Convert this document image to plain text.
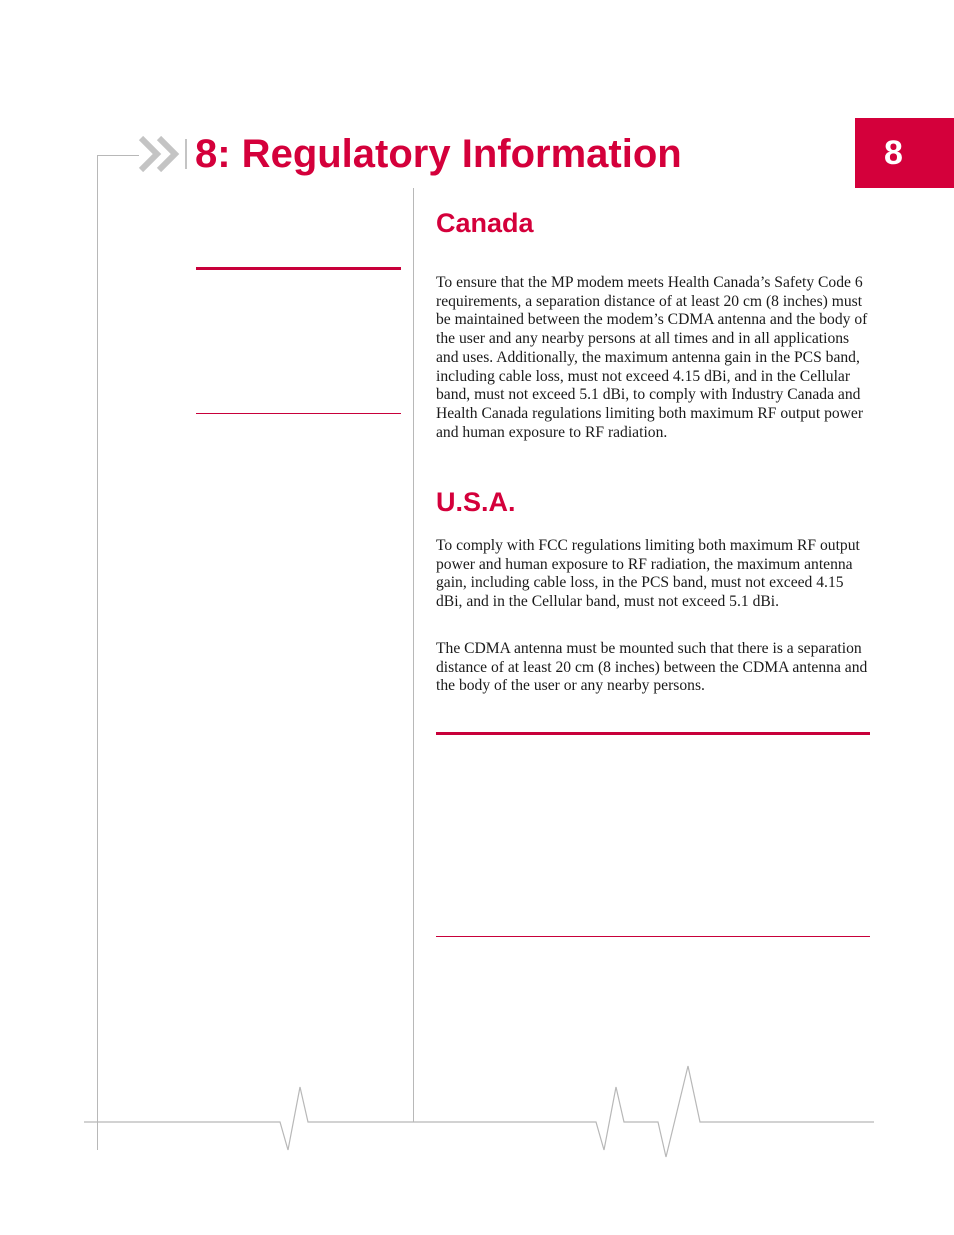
8: Regulatory Information	8
Canada
To ensure that the MP modem meets Health Canada’s Safety Code 6 requirements, a separation distance of at least 20 cm (8 inches) must be maintained between the modem’s CDMA antenna and the body of the user and any nearby persons at all times and in all applications and uses. Additionally, the maximum antenna gain in the PCS band, including cable loss, must not exceed 4.15 dBi, and in the Cellular band, must not exceed 5.1 dBi, to comply with Industry Canada and Health Canada regulations limiting both maximum RF output power and human exposure to RF radiation.
U.S.A.
To comply with FCC regulations limiting both maximum RF output power and human exposure to RF radiation, the maximum antenna gain, including cable loss, in the PCS band, must not exceed 4.15 dBi, and in the Cellular band, must not exceed 5.1 dBi.
The CDMA antenna must be mounted such that there is a separation distance of at least 20 cm (8 inches) between the CDMA antenna and the body of the user or any nearby persons.
